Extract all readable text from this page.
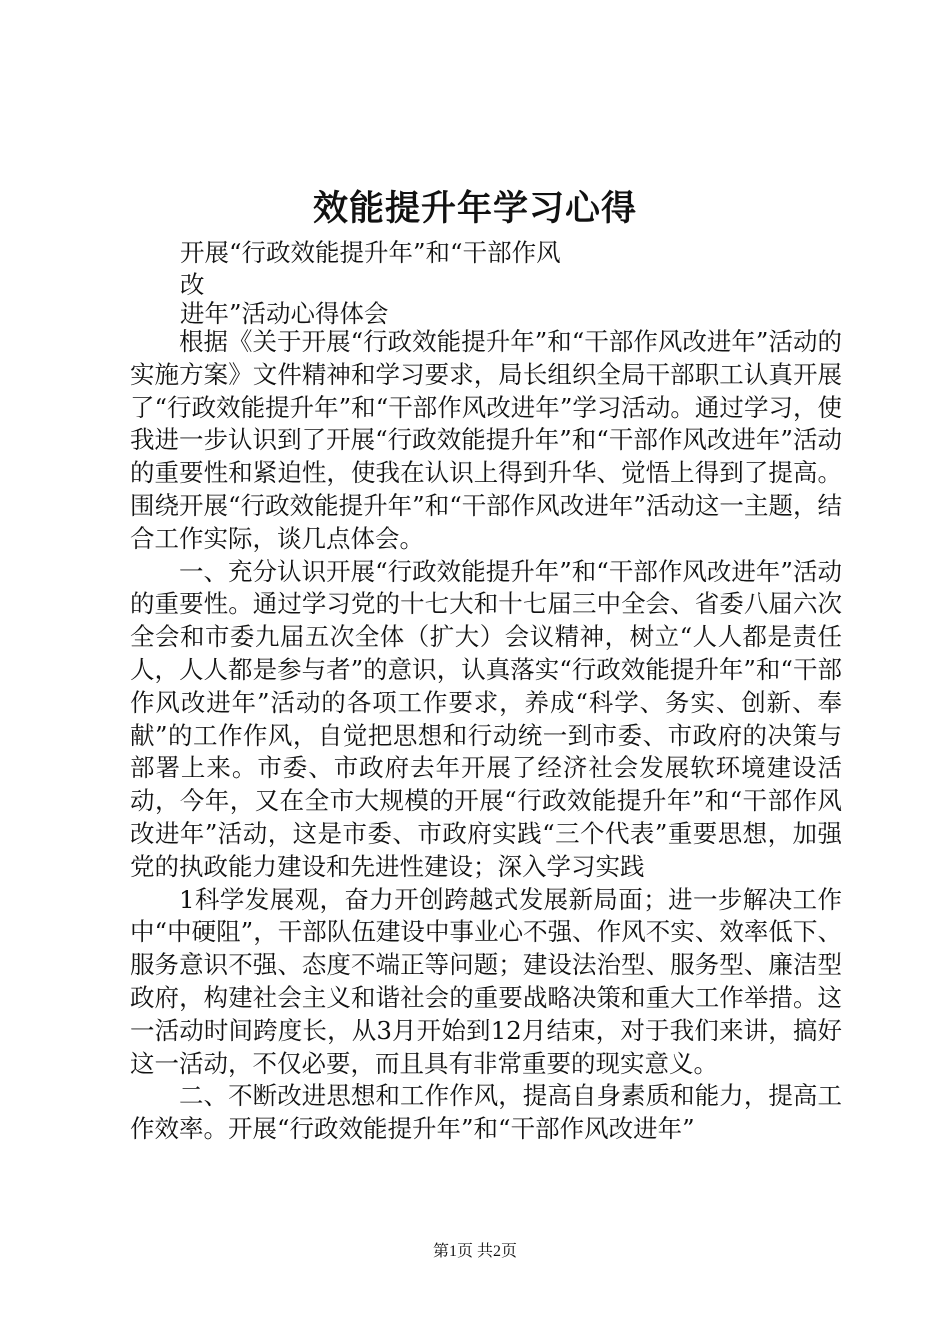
效能提升年学习心得
开展“行政效能提升年”和“干部作风
改
进年”活动心得体会

根据《关于开展“行政效能提升年”和“干部作风改进年”活动的实施方案》文件精神和学习要求，局长组织全局干部职工认真开展了“行政效能提升年”和“干部作风改进年”学习活动。通过学习，使我进一步认识到了开展“行政效能提升年”和“干部作风改进年”活动的重要性和紧迫性，使我在认识上得到升华、觉悟上得到了提高。围绕开展“行政效能提升年”和“干部作风改进年”活动这一主题，结合工作实际，谈几点体会。

一、充分认识开展“行政效能提升年”和“干部作风改进年”活动的重要性。通过学习党的十七大和十七届三中全会、省委八届六次全会和市委九届五次全体（扩大）会议精神，树立“人人都是责任人，人人都是参与者”的意识，认真落实“行政效能提升年”和“干部作风改进年”活动的各项工作要求，养成“科学、务实、创新、奉献”的工作作风，自觉把思想和行动统一到市委、市政府的决策与部署上来。市委、市政府去年开展了经济社会发展软环境建设活动，今年，又在全市大规模的开展“行政效能提升年”和“干部作风改进年”活动，这是市委、市政府实践“三个代表”重要思想，加强党的执政能力建设和先进性建设；深入学习实践

1科学发展观，奋力开创跨越式发展新局面；进一步解决工作中“中硬阻”，干部队伍建设中事业心不强、作风不实、效率低下、服务意识不强、态度不端正等问题；建设法治型、服务型、廉洁型政府，构建社会主义和谐社会的重要战略决策和重大工作举措。这一活动时间跨度长，从3月开始到12月结束，对于我们来讲，搞好这一活动，不仅必要，而且具有非常重要的现实意义。

二、不断改进思想和工作作风，提高自身素质和能力，提高工作效率。开展“行政效能提升年”和“干部作风改进年”

第1页 共2页
